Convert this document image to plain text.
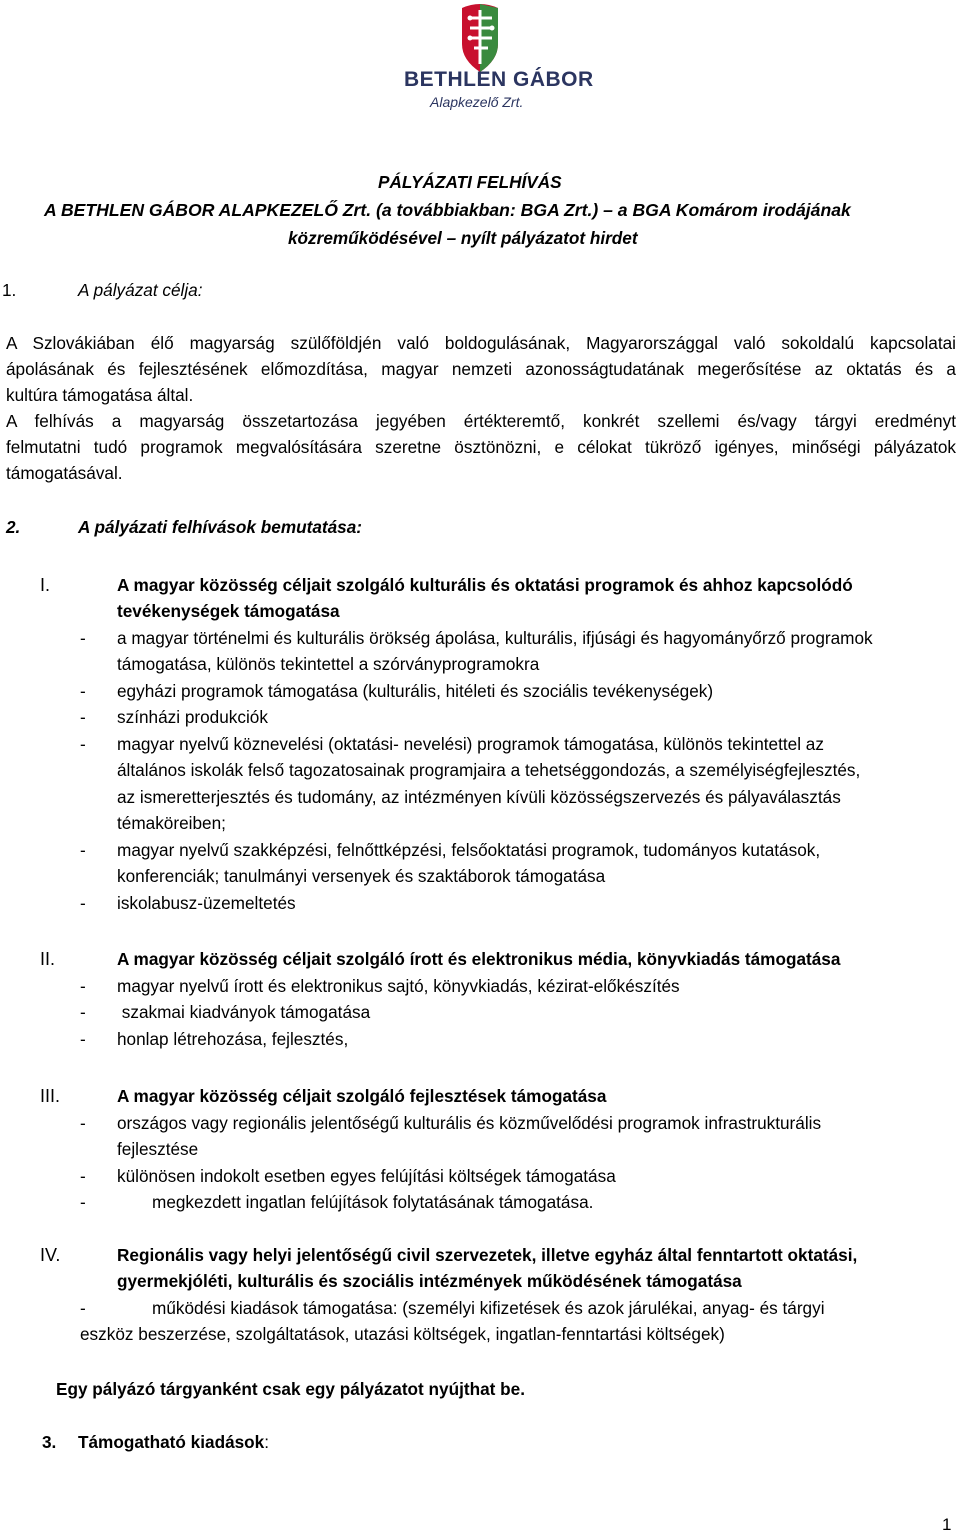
BETHLEN GÁBOR
Alapkezelő Zrt.
PÁLYÁZATI FELHÍVÁS
A BETHLEN GÁBOR ALAPKEZELŐ Zrt. (a továbbiakban: BGA Zrt.) – a BGA Komárom irodájának
közreműködésével – nyílt pályázatot hirdet
1.	A pályázat célja:
A Szlovákiában élő magyarság szülőföldjén való boldogulásának, Magyarországgal való sokoldalú kapcsolatai
ápolásának és fejlesztésének előmozdítása, magyar nemzeti azonosságtudatának megerősítése az oktatás és a
kultúra támogatása által.
A felhívás a magyarság összetartozása jegyében értékteremtő, konkrét szellemi és/vagy tárgyi eredményt
felmutatni tudó programok megvalósítására szeretne ösztönözni, e célokat tükröző igényes, minőségi pályázatok
támogatásával.
2.	A pályázati felhívások bemutatása:
I.	A magyar közösség céljait szolgáló kulturális és oktatási programok és ahhoz kapcsolódó
tevékenységek támogatása
- a magyar történelmi és kulturális örökség ápolása, kulturális, ifjúsági és hagyományőrző programok
támogatása, különös tekintettel a szórványprogramokra
- egyházi programok támogatása (kulturális, hitéleti és szociális tevékenységek)
- színházi produkciók
- magyar nyelvű köznevelési (oktatási- nevelési) programok támogatása, különös tekintettel az
általános iskolák felső tagozatosainak programjaira a tehetséggondozás, a személyiségfejlesztés,
az ismeretterjesztés és tudomány, az intézményen kívüli közösségszervezés és pályaválasztás
témaköreiben;
- magyar nyelvű szakképzési, felnőttképzési, felsőoktatási programok, tudományos kutatások,
konferenciák; tanulmányi versenyek és szaktáborok támogatása
- iskolabusz-üzemeltetés
II.	A magyar közösség céljait szolgáló írott és elektronikus média, könyvkiadás támogatása
- magyar nyelvű írott és elektronikus sajtó, könyvkiadás, kézirat-előkészítés
- szakmai kiadványok támogatása
- honlap létrehozása, fejlesztés,
III.	A magyar közösség céljait szolgáló fejlesztések támogatása
- országos vagy regionális jelentőségű kulturális és közművelődési programok infrastrukturális
fejlesztése
- különösen indokolt esetben egyes felújítási költségek támogatása
-	megkezdett ingatlan felújítások folytatásának támogatása.
IV.	Regionális vagy helyi jelentőségű civil szervezetek, illetve egyház által fenntartott oktatási,
gyermekjóléti, kulturális és szociális intézmények működésének támogatása
-	működési kiadások támogatása: (személyi kifizetések és azok járulékai, anyag- és tárgyi
eszköz beszerzése, szolgáltatások, utazási költségek, ingatlan-fenntartási költségek)
Egy pályázó tárgyanként csak egy pályázatot nyújthat be.
3. Támogatható kiadások:
1
